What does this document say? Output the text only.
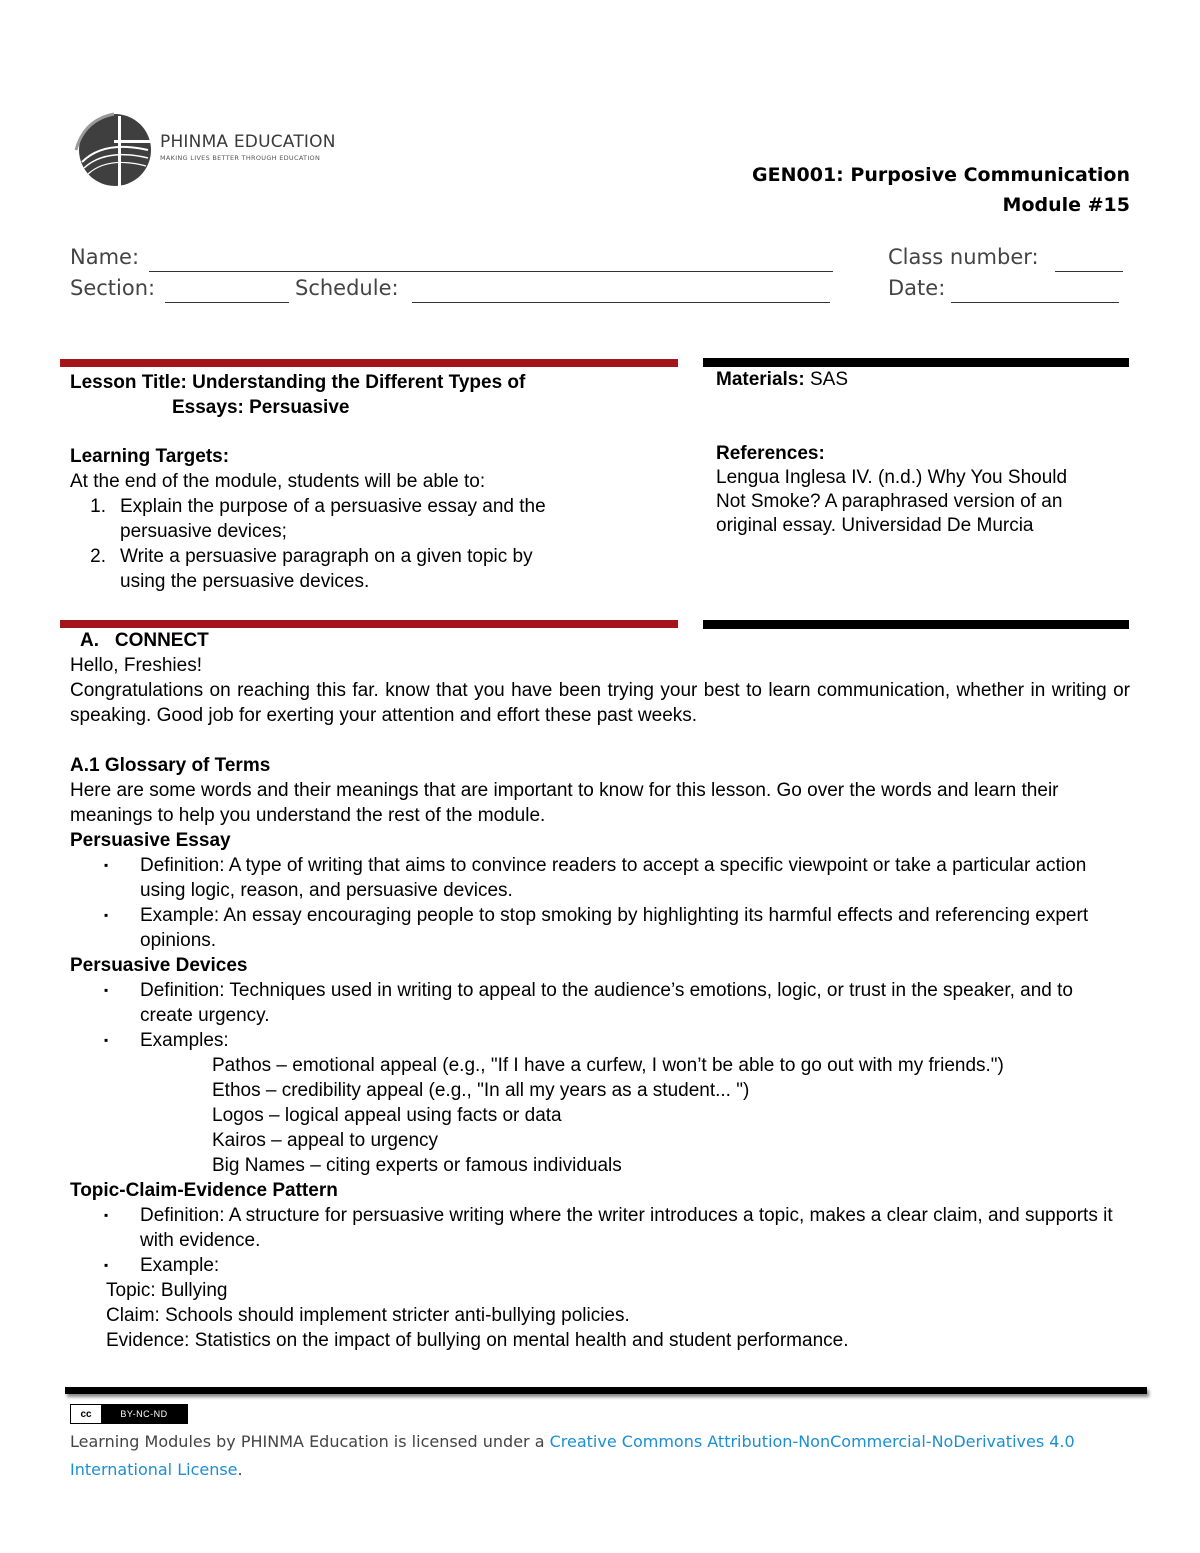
PHINMA EDUCATION
MAKING LIVES BETTER THROUGH EDUCATION
GEN001: Purposive Communication
Module #15
Name:	Class number:
Section:	Schedule:	Date:
Lesson Title: Understanding the Different Types of
Essays: Persuasive
Learning Targets:
At the end of the module, students will be able to:
1. Explain the purpose of a persuasive essay and the
persuasive devices;
2. Write a persuasive paragraph on a given topic by
using the persuasive devices.
Materials: SAS
References:
Lengua Inglesa IV. (n.d.) Why You Should
Not Smoke? A paraphrased version of an
original essay. Universidad De Murcia
A. CONNECT
Hello, Freshies!
Congratulations on reaching this far. know that you have been trying your best to learn communication, whether in writing or speaking. Good job for exerting your attention and effort these past weeks.
A.1 Glossary of Terms
Here are some words and their meanings that are important to know for this lesson. Go over the words and learn their meanings to help you understand the rest of the module.
Persuasive Essay
▪	Definition: A type of writing that aims to convince readers to accept a specific viewpoint or take a particular action using logic, reason, and persuasive devices.
▪	Example: An essay encouraging people to stop smoking by highlighting its harmful effects and referencing expert opinions.
Persuasive Devices
▪	Definition: Techniques used in writing to appeal to the audience’s emotions, logic, or trust in the speaker, and to create urgency.
▪	Examples:
Pathos – emotional appeal (e.g., "If I have a curfew, I won’t be able to go out with my friends.")
Ethos – credibility appeal (e.g., "In all my years as a student... ")
Logos – logical appeal using facts or data
Kairos – appeal to urgency
Big Names – citing experts or famous individuals
Topic-Claim-Evidence Pattern
▪	Definition: A structure for persuasive writing where the writer introduces a topic, makes a clear claim, and supports it with evidence.
▪	Example:
Topic: Bullying
Claim: Schools should implement stricter anti-bullying policies.
Evidence: Statistics on the impact of bullying on mental health and student performance.
cc	BY-NC-ND
Learning Modules by PHINMA Education is licensed under a Creative Commons Attribution-NonCommercial-NoDerivatives 4.0 International License.
